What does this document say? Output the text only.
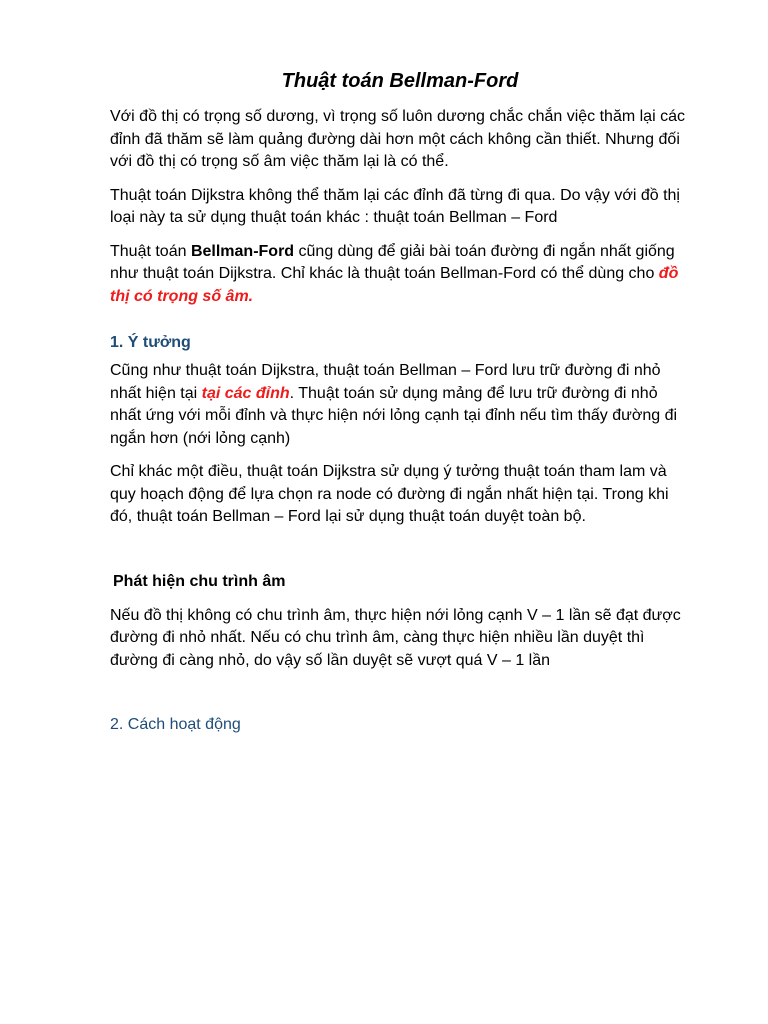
Thuật toán Bellman-Ford

Với đồ thị có trọng số dương, vì trọng số luôn dương chắc chắn việc thăm lại các đỉnh đã thăm sẽ làm quảng đường dài hơn một cách không cần thiết. Nhưng đối với đồ thị có trọng số âm việc thăm lại là có thể.

Thuật toán Dijkstra không thể thăm lại các đỉnh đã từng đi qua. Do vậy với đồ thị loại này ta sử dụng thuật toán khác : thuật toán Bellman – Ford

Thuật toán Bellman-Ford cũng dùng để giải bài toán đường đi ngắn nhất giống như thuật toán Dijkstra. Chỉ khác là thuật toán Bellman-Ford có thể dùng cho đồ thị có trọng số âm.

1. Ý tưởng

Cũng như thuật toán Dijkstra, thuật toán Bellman – Ford lưu trữ đường đi nhỏ nhất hiện tại tại các đỉnh. Thuật toán sử dụng mảng để lưu trữ đường đi nhỏ nhất ứng với mỗi đỉnh và thực hiện nới lỏng cạnh tại đỉnh nếu tìm thấy đường đi ngắn hơn (nới lỏng cạnh)

Chỉ khác một điều, thuật toán Dijkstra sử dụng ý tưởng thuật toán tham lam và quy hoạch động để lựa chọn ra node có đường đi ngắn nhất hiện tại. Trong khi đó, thuật toán Bellman – Ford lại sử dụng thuật toán duyệt toàn bộ.

Phát hiện chu trình âm

Nếu đồ thị không có chu trình âm, thực hiện nới lỏng cạnh V – 1 lần sẽ đạt được đường đi nhỏ nhất. Nếu có chu trình âm, càng thực hiện nhiều lần duyệt thì đường đi càng nhỏ, do vậy số lần duyệt sẽ vượt quá V – 1 lần

2. Cách hoạt động
